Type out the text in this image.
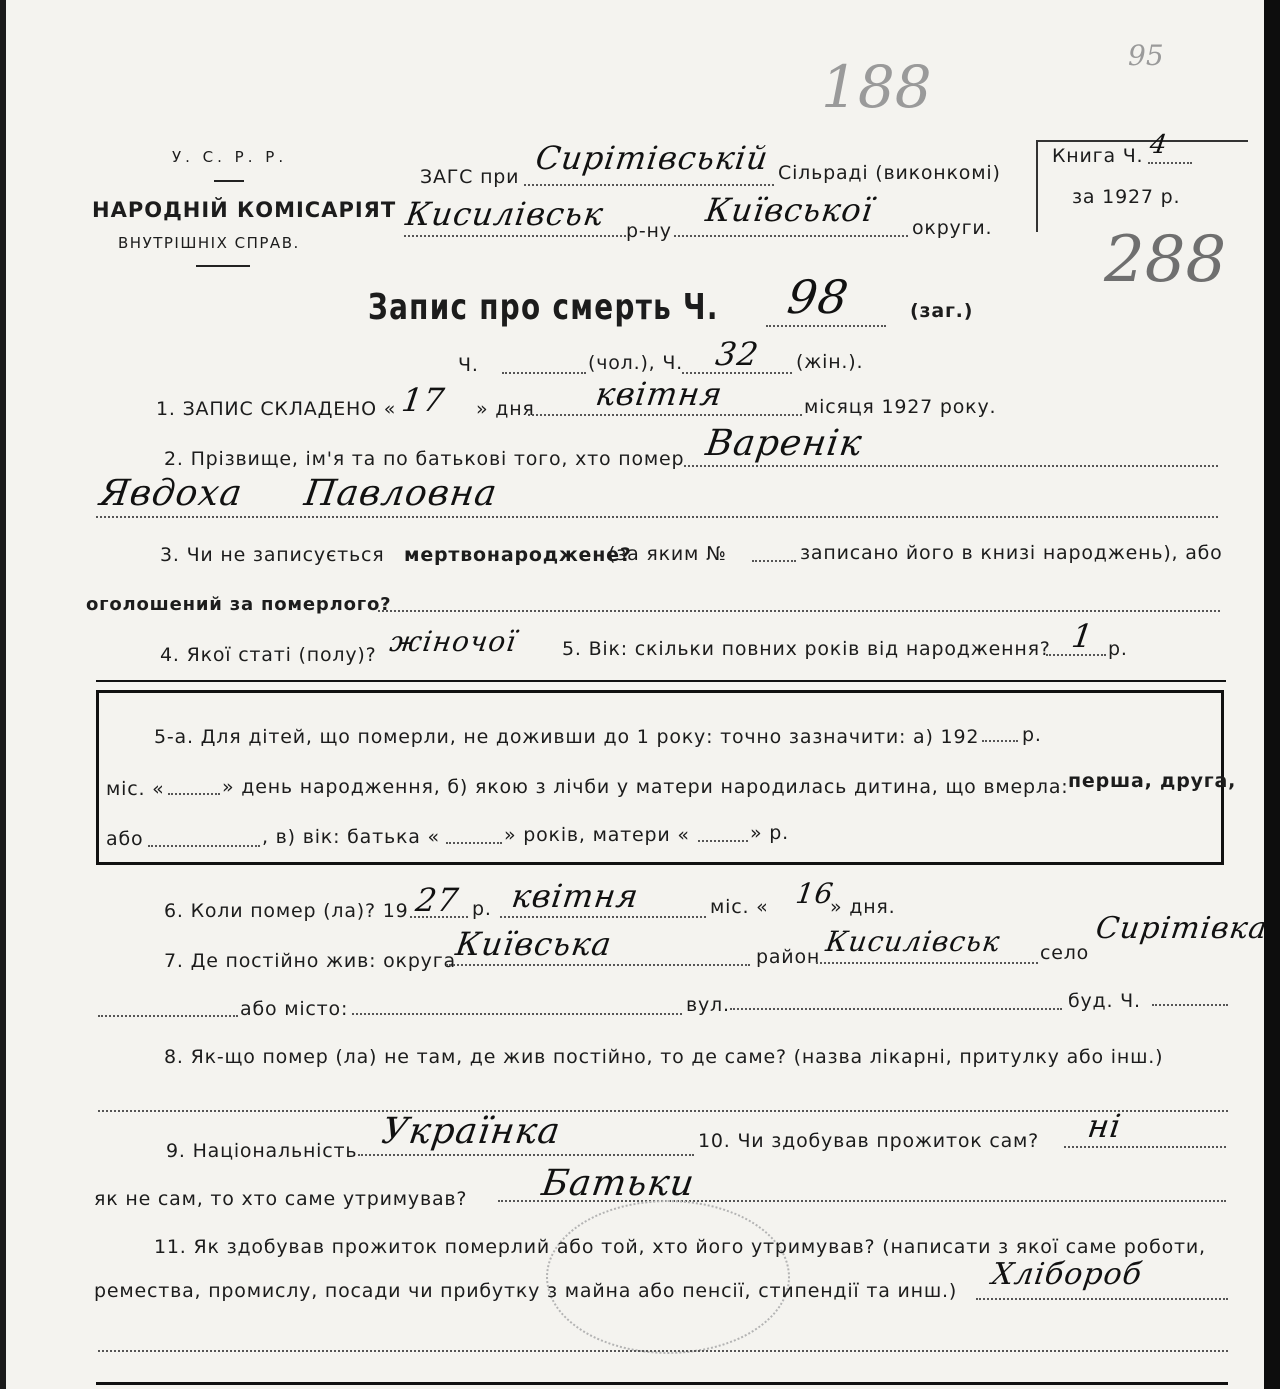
188	95
288
У. С. Р. Р.
НАРОДНІЙ КОМІСАРІЯТ
ВНУТРІШНІХ СПРАВ.
ЗАГС при Сирітівській Сільраді (виконкомі)
Кисилівськ р-ну
Київської округи.
Книга Ч. 4
за 1927 р.
Запис про смерть Ч. 98	(заг.)
Ч.	(чол.), Ч. 32 (жін.).
1. ЗАПИС СКЛАДЕНО « 17 » дня квітня	місяця 1927 року.
2. Прізвище, ім'я та по батькові того, хто помер Варенік
Явдоха     Павловна
3. Чи не записується мертвонароджене?
(за яким №	записано його в книзі народжень), або
оголошений за померлого?
4. Якої статі (полу)? жіночої 5. Вік: скільки повних років від народження? 1 р.
5-а. Для дітей, що померли, не доживши до 1 року: точно зазначити: а) 192 р.
міс. «	» день народження, б) якою з лічби у матери народилась дитина, що вмерла: перша, друга,
або	, в) вік: батька «	» років, матери «	» р.
6. Коли помер (ла)? 19 27 р. квітня	міс. « 16
» дня.
7. Де постійно жив: округа
Київська	район Кисилівськ село
Сирітівка
або місто:	вул.	буд. Ч.
8. Як-що помер (ла) не там, де жив постійно, то де саме? (назва лікарні, притулку або інш.)
9. Національність Українка	10. Чи здобував прожиток сам? ні
як не сам, то хто саме утримував? Батьки
11. Як здобував прожиток померлий або той, хто його утримував? (написати з якої саме роботи,
ремества, промислу, посади чи прибутку з майна або пенсії, стипендії та инш.) Хлібороб
